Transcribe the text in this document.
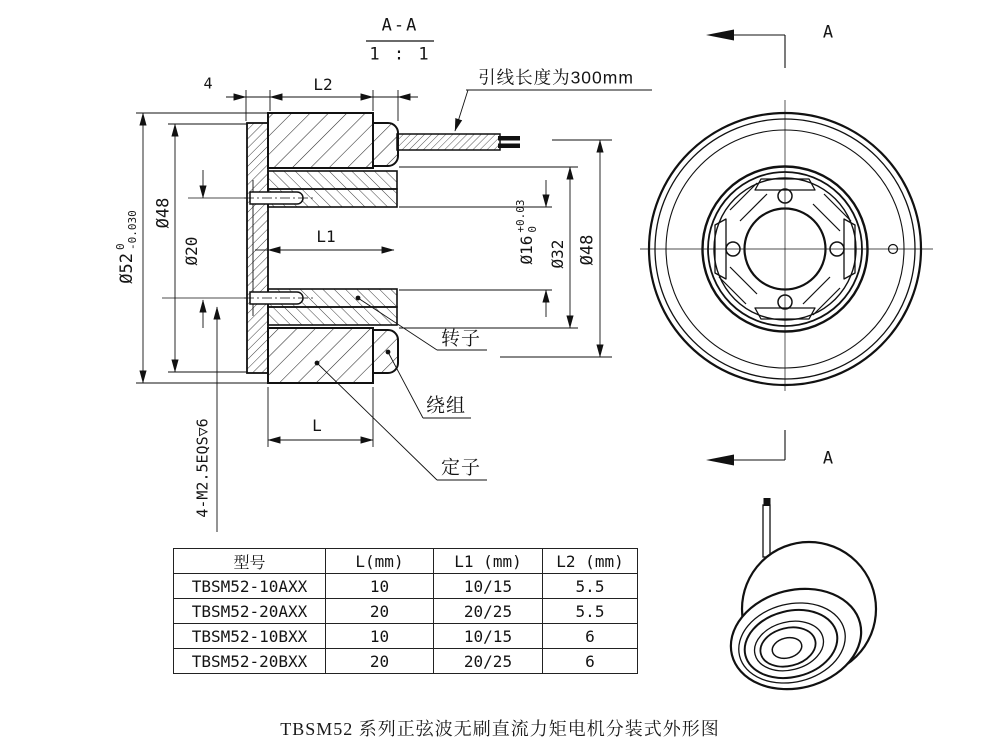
A-A
1 : 1
引线长度为300mm
4	L2
L1
L
Ø52
0 -0.030 Ø48
Ø20
4-M2.5EQS▽6
Ø16
+0.03 0
Ø32 Ø48
转子
绕组
定子
A
A
型号	L(mm)	L1 (mm)	L2 (mm)
TBSM52-10AXX	10	10/15	5.5
TBSM52-20AXX	20	20/25	5.5
TBSM52-10BXX	10	10/15	6
TBSM52-20BXX	20	20/25	6
TBSM52 系列正弦波无刷直流力矩电机分装式外形图
